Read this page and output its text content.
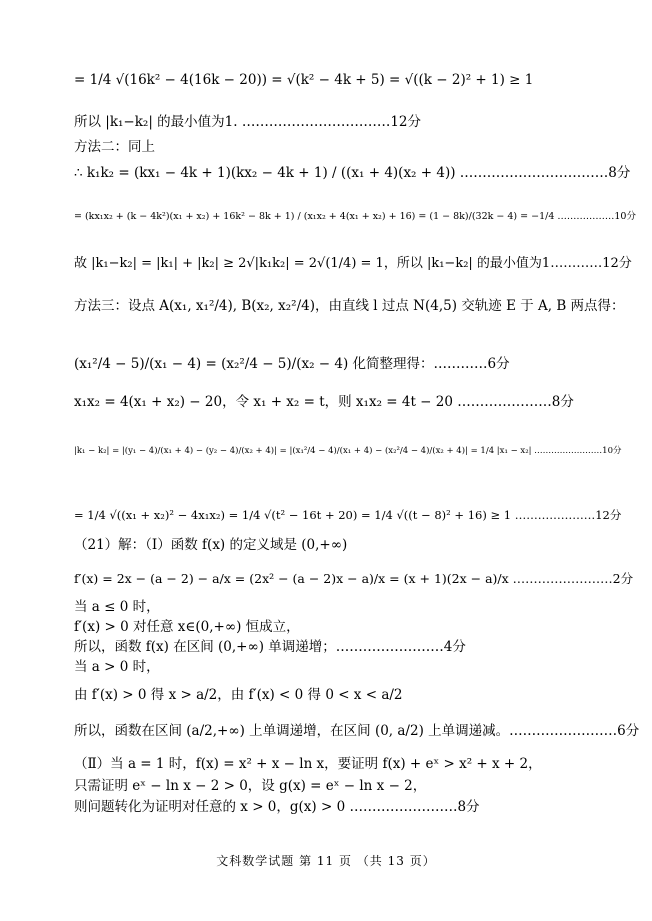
= 1/4 √(16k² − 4(16k − 20)) = √(k² − 4k + 5) = √((k − 2)² + 1) ≥ 1
所以 |k₁−k₂| 的最小值为1. ……………………………12分
方法二：同上
∴ k₁k₂ = (kx₁ − 4k + 1)(kx₂ − 4k + 1) / ((x₁ + 4)(x₂ + 4)) ……………………………8分
= (kx₁x₂ + (k − 4k²)(x₁ + x₂) + 16k² − 8k + 1) / (x₁x₂ + 4(x₁ + x₂) + 16) = (1 − 8k)/(32k − 4) = −1/4 ………………10分
故 |k₁−k₂| = |k₁| + |k₂| ≥ 2√|k₁k₂| = 2√(1/4) = 1，所以 |k₁−k₂| 的最小值为1…………12分
方法三：设点 A(x₁, x₁²/4), B(x₂, x₂²/4)，由直线 l 过点 N(4,5) 交轨迹 E 于 A, B 两点得：
(x₁²/4 − 5)/(x₁ − 4) = (x₂²/4 − 5)/(x₂ − 4) 化简整理得：…………6分
x₁x₂ = 4(x₁ + x₂) − 20，令 x₁ + x₂ = t，则 x₁x₂ = 4t − 20 …………………8分
|k₁ − k₂| = |(y₁ − 4)/(x₁ + 4) − (y₂ − 4)/(x₂ + 4)| = |(x₁²/4 − 4)/(x₁ + 4) − (x₂²/4 − 4)/(x₂ + 4)| = 1/4 |x₁ − x₂| ……………………10分
= 1/4 √((x₁ + x₂)² − 4x₁x₂) = 1/4 √(t² − 16t + 20) = 1/4 √((t − 8)² + 16) ≥ 1 …………………12分
（21）解：（Ⅰ）函数 f(x) 的定义域是 (0,+∞)
f′(x) = 2x − (a − 2) − a/x = (2x² − (a − 2)x − a)/x = (x + 1)(2x − a)/x ……………………2分
当 a ≤ 0 时，
f′(x) > 0 对任意 x∈(0,+∞) 恒成立，
所以，函数 f(x) 在区间 (0,+∞) 单调递增；……………………4分
当 a > 0 时，
由 f′(x) > 0 得 x > a/2，由 f′(x) < 0 得 0 < x < a/2
所以，函数在区间 (a/2,+∞) 上单调递增，在区间 (0, a/2) 上单调递减。……………………6分
（Ⅱ）当 a = 1 时，f(x) = x² + x − ln x，要证明 f(x) + eˣ > x² + x + 2，
只需证明 eˣ − ln x − 2 > 0，设 g(x) = eˣ − ln x − 2，
则问题转化为证明对任意的 x > 0，g(x) > 0 ……………………8分
文科数学试题 第 11 页 （共 13 页）
